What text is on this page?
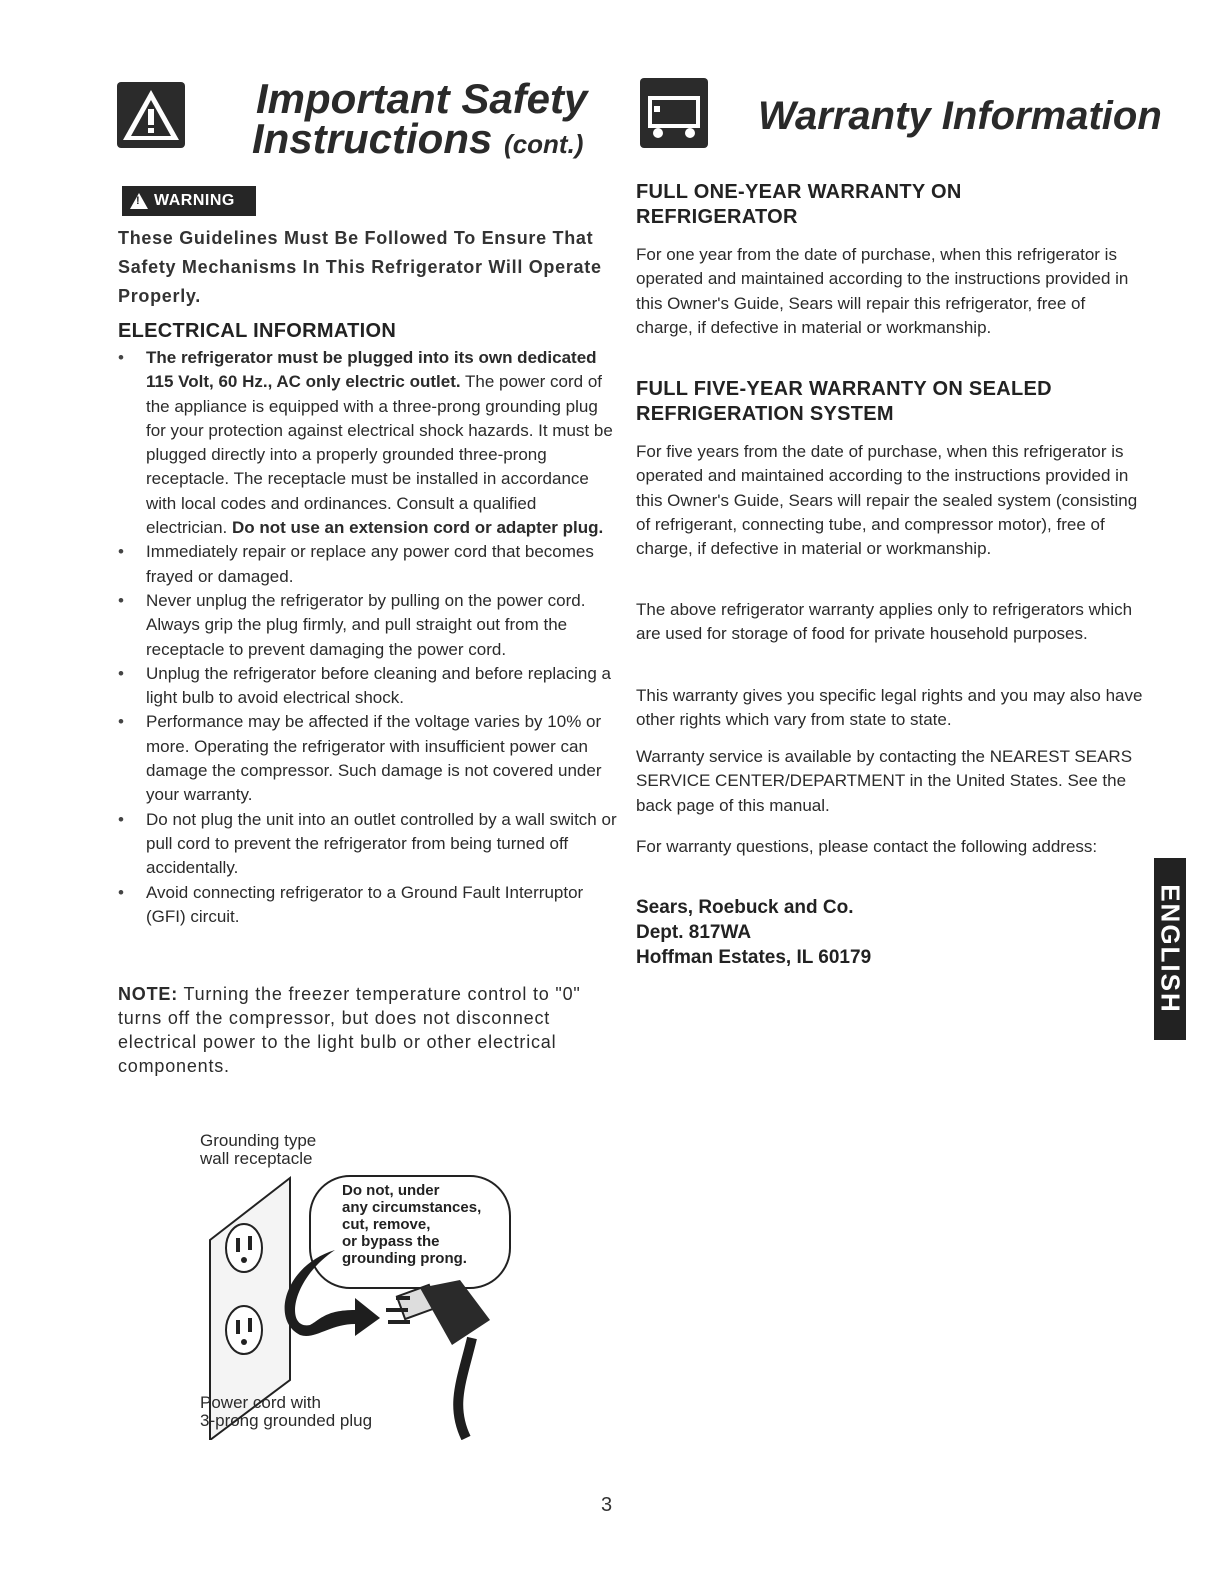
Important Safety
Instructions (cont.)
Warranty Information
!
WARNING
These Guidelines Must Be Followed To Ensure That Safety Mechanisms In This Refrigerator Will Operate Properly.
ELECTRICAL INFORMATION
• The refrigerator must be plugged into its own dedicated 115 Volt, 60 Hz., AC only electric outlet. The power cord of the appliance is equipped with a three-prong grounding plug for your protection against electrical shock hazards. It must be plugged directly into a properly grounded three-prong receptacle. The receptacle must be installed in accordance with local codes and ordinances. Consult a qualified electrician. Do not use an extension cord or adapter plug.
• Immediately repair or replace any power cord that becomes frayed or damaged.
• Never unplug the refrigerator by pulling on the power cord. Always grip the plug firmly, and pull straight out from the receptacle to prevent damaging the power cord.
• Unplug the refrigerator before cleaning and before replacing a light bulb to avoid electrical shock.
• Performance may be affected if the voltage varies by 10% or more. Operating the refrigerator with insufficient power can damage the compressor. Such damage is not covered under your warranty.
• Do not plug the unit into an outlet controlled by a wall switch or pull cord to prevent the refrigerator from being turned off accidentally.
• Avoid connecting refrigerator to a Ground Fault Interruptor (GFI) circuit.
NOTE: Turning the freezer temperature control to "0" turns off the compressor, but does not disconnect electrical power to the light bulb or other electrical components.
Grounding type
wall receptacle
Do not, under
any circumstances,
cut, remove,
or bypass the
grounding prong.
Power cord with
3-prong grounded plug
FULL ONE-YEAR WARRANTY ON REFRIGERATOR
For one year from the date of purchase, when this refrigerator is operated and maintained according to the instructions provided in this Owner's Guide, Sears will repair this refrigerator, free of charge, if defective in material or workmanship.
FULL FIVE-YEAR WARRANTY ON SEALED REFRIGERATION SYSTEM
For five years from the date of purchase, when this refrigerator is operated and maintained according to the instructions provided in this Owner's Guide, Sears will repair the sealed system (consisting of refrigerant, connecting tube, and compressor motor), free of charge, if defective in material or workmanship.
The above refrigerator warranty applies only to refrigerators which are used for storage of food for private household purposes.
This warranty gives you specific legal rights and you may also have other rights which vary from state to state.
Warranty service is available by contacting the NEAREST SEARS SERVICE CENTER/DEPARTMENT in the United States. See the back page of this manual.
For warranty questions, please contact the following address:
Sears, Roebuck and Co.
Dept. 817WA
Hoffman Estates, IL 60179	ENGLISH
3
